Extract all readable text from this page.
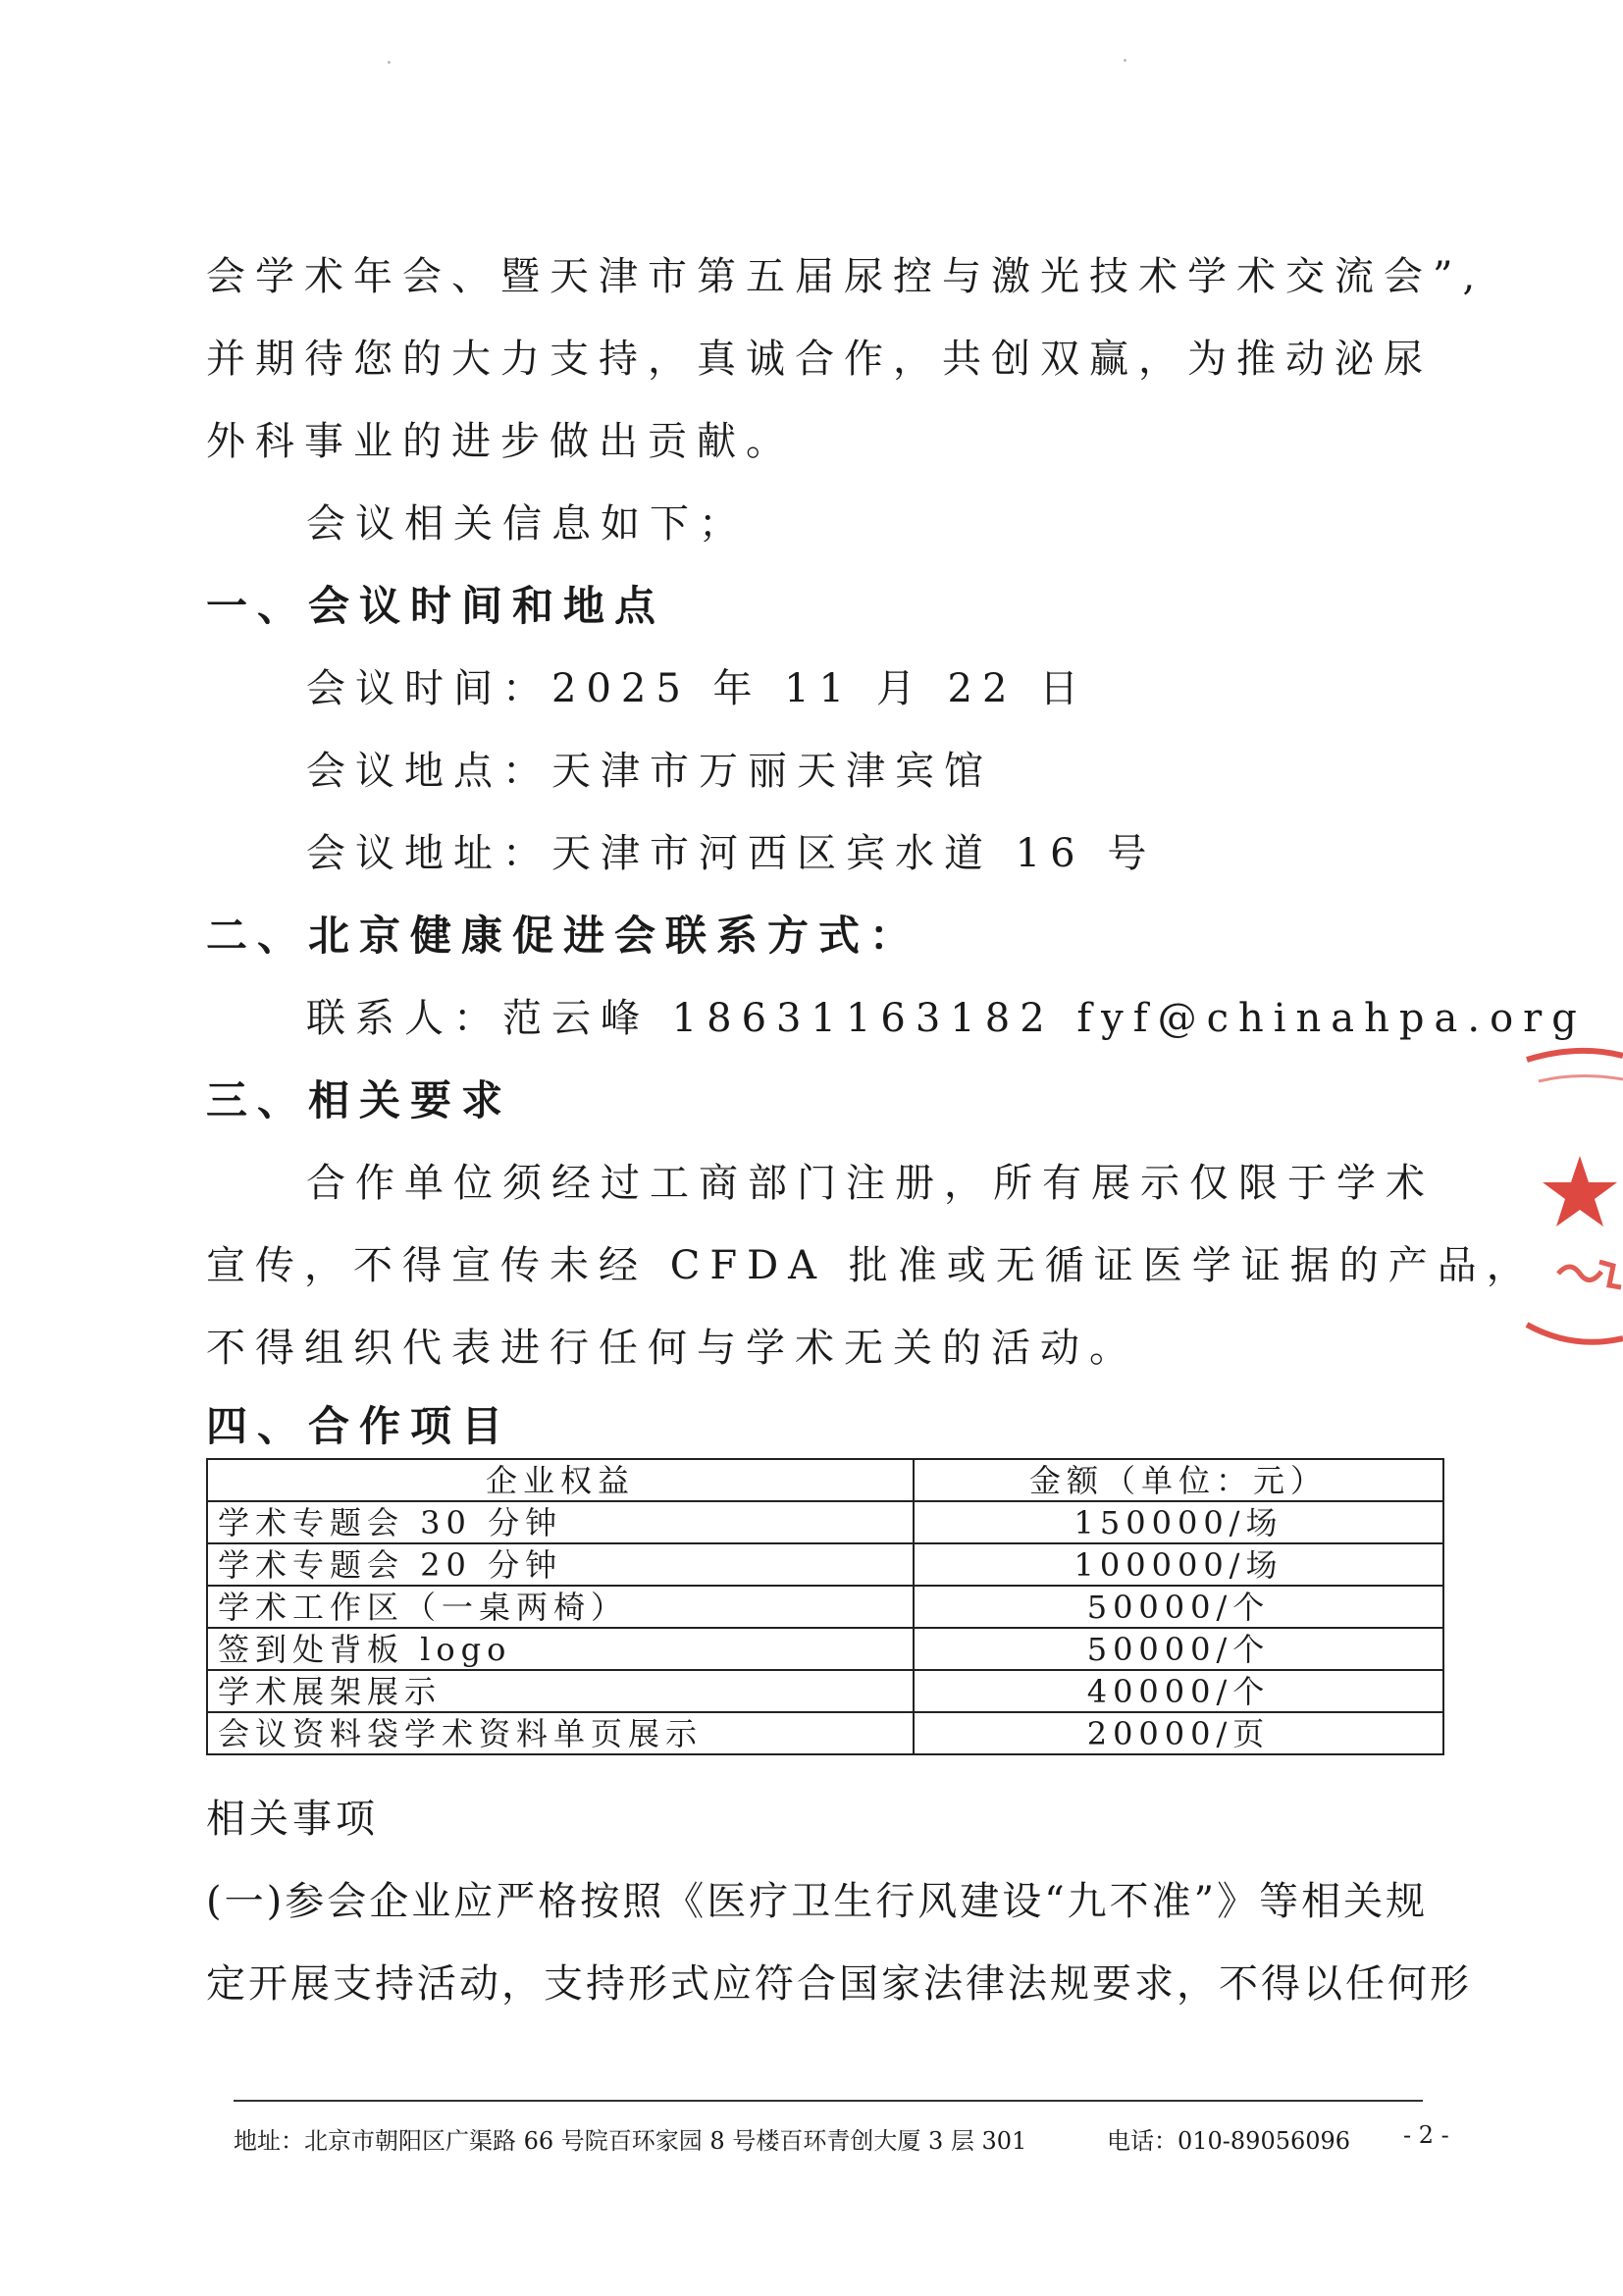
会学术年会、暨天津市第五届尿控与激光技术学术交流会”,
并期待您的大力支持，真诚合作，共创双赢，为推动泌尿
外科事业的进步做出贡献。
会议相关信息如下；
一、会议时间和地点
会议时间：2025 年 11 月 22 日
会议地点：天津市万丽天津宾馆
会议地址：天津市河西区宾水道 16 号
二、北京健康促进会联系方式：
联系人：范云峰 18631163182 fyf@chinahpa.org
三、相关要求
合作单位须经过工商部门注册，所有展示仅限于学术
宣传，不得宣传未经 CFDA 批准或无循证医学证据的产品，
不得组织代表进行任何与学术无关的活动。
四、合作项目
企业权益	金额（单位：元）
学术专题会 30 分钟	150000/场
学术专题会 20 分钟	100000/场
学术工作区（一桌两椅）	50000/个
签到处背板 logo	50000/个
学术展架展示	40000/个
会议资料袋学术资料单页展示	20000/页
相关事项
(一)参会企业应严格按照《医疗卫生行风建设“九不准”》等相关规
定开展支持活动，支持形式应符合国家法律法规要求，不得以任何形
地址：北京市朝阳区广渠路 66 号院百环家园 8 号楼百环青创大厦 3 层 301	电话：010-89056096 - 2 -
